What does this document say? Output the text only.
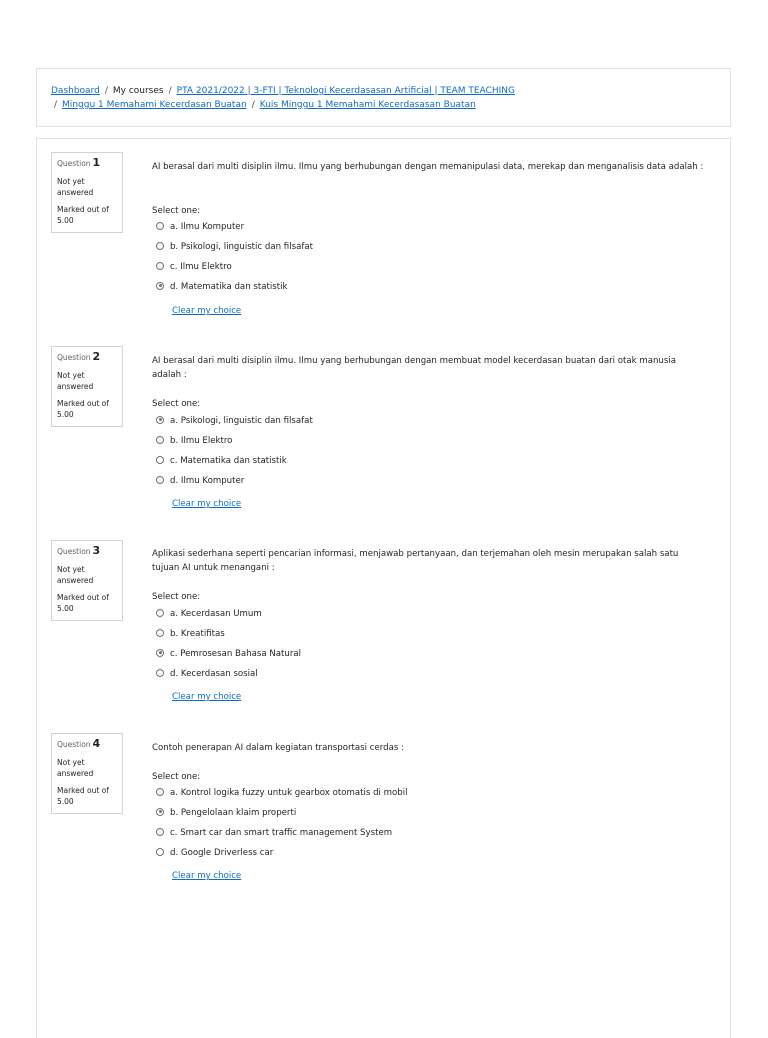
Dashboard / My courses / PTA 2021/2022 | 3-FTI | Teknologi Kecerdasasan Artificial | TEAM TEACHING
/ Minggu 1 Memahami Kecerdasan Buatan / Kuis Minggu 1 Memahami Kecerdasasan Buatan
Question 1
Not yet answered
Marked out of 5.00
AI berasal dari multi disiplin ilmu. Ilmu yang berhubungan dengan memanipulasi data, merekap dan menganalisis data adalah :
Select one:
a. Ilmu Komputer
b. Psikologi, linguistic dan filsafat
c. Ilmu Elektro
d. Matematika dan statistik
Clear my choice
Question 2
Not yet answered
Marked out of 5.00
AI berasal dari multi disiplin ilmu. Ilmu yang berhubungan dengan membuat model kecerdasan buatan dari otak manusia adalah :
Select one:
a. Psikologi, linguistic dan filsafat
b. Ilmu Elektro
c. Matematika dan statistik
d. Ilmu Komputer
Clear my choice
Question 3
Not yet answered
Marked out of 5.00
Aplikasi sederhana seperti pencarian informasi, menjawab pertanyaan, dan terjemahan oleh mesin merupakan salah satu tujuan AI untuk menangani :
Select one:
a. Kecerdasan Umum
b. Kreatifitas
c. Pemrosesan Bahasa Natural
d. Kecerdasan sosial
Clear my choice
Question 4
Not yet answered
Marked out of 5.00
Contoh penerapan AI dalam kegiatan transportasi cerdas :
Select one:
a. Kontrol logika fuzzy untuk gearbox otomatis di mobil
b. Pengelolaan klaim properti
c. Smart car dan smart traffic management System
d. Google Driverless car
Clear my choice
